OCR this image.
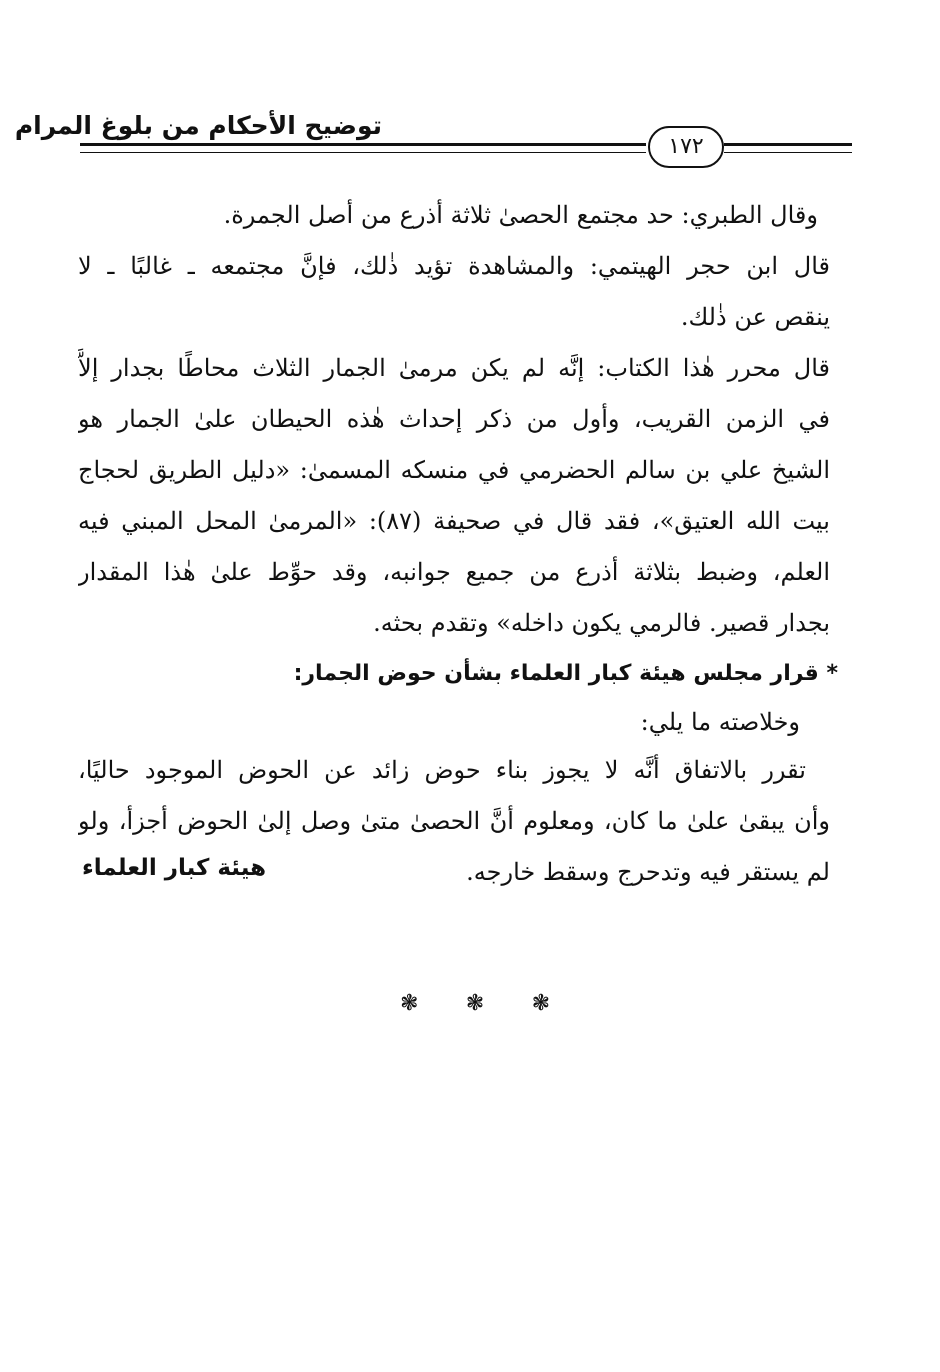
توضيح الأحكام من بلوغ المرام
١٧٢
وقال الطبري: حد مجتمع الحصىٰ ثلاثة أذرع من أصل الجمرة.
قال ابن حجر الهيتمي: والمشاهدة تؤيد ذٰلك، فإنَّ مجتمعه ـ غالبًا ـ لا
ينقص عن ذٰلك.
قال محرر هٰذا الكتاب: إنَّه لم يكن مرمىٰ الجمار الثلاث محاطًا بجدار إلاَّ
في الزمن القريب، وأول من ذكر إحداث هٰذه الحيطان علىٰ الجمار هو
الشيخ علي بن سالم الحضرمي في منسكه المسمىٰ: «دليل الطريق لحجاج
بيت الله العتيق»، فقد قال في صحيفة (٨٧): «المرمىٰ المحل المبني فيه
العلم، وضبط بثلاثة أذرع من جميع جوانبه، وقد حوِّط علىٰ هٰذا المقدار
بجدار قصير. فالرمي يكون داخله» وتقدم بحثه.
* قرار مجلس هيئة كبار العلماء بشأن حوض الجمار:
وخلاصته ما يلي:
تقرر بالاتفاق أنَّه لا يجوز بناء حوض زائد عن الحوض الموجود حاليًا،
وأن يبقىٰ علىٰ ما كان، ومعلوم أنَّ الحصىٰ متىٰ وصل إلىٰ الحوض أجزأ، ولو
لم يستقر فيه وتدحرج وسقط خارجه.
هيئة كبار العلماء
❃ ❃ ❃
